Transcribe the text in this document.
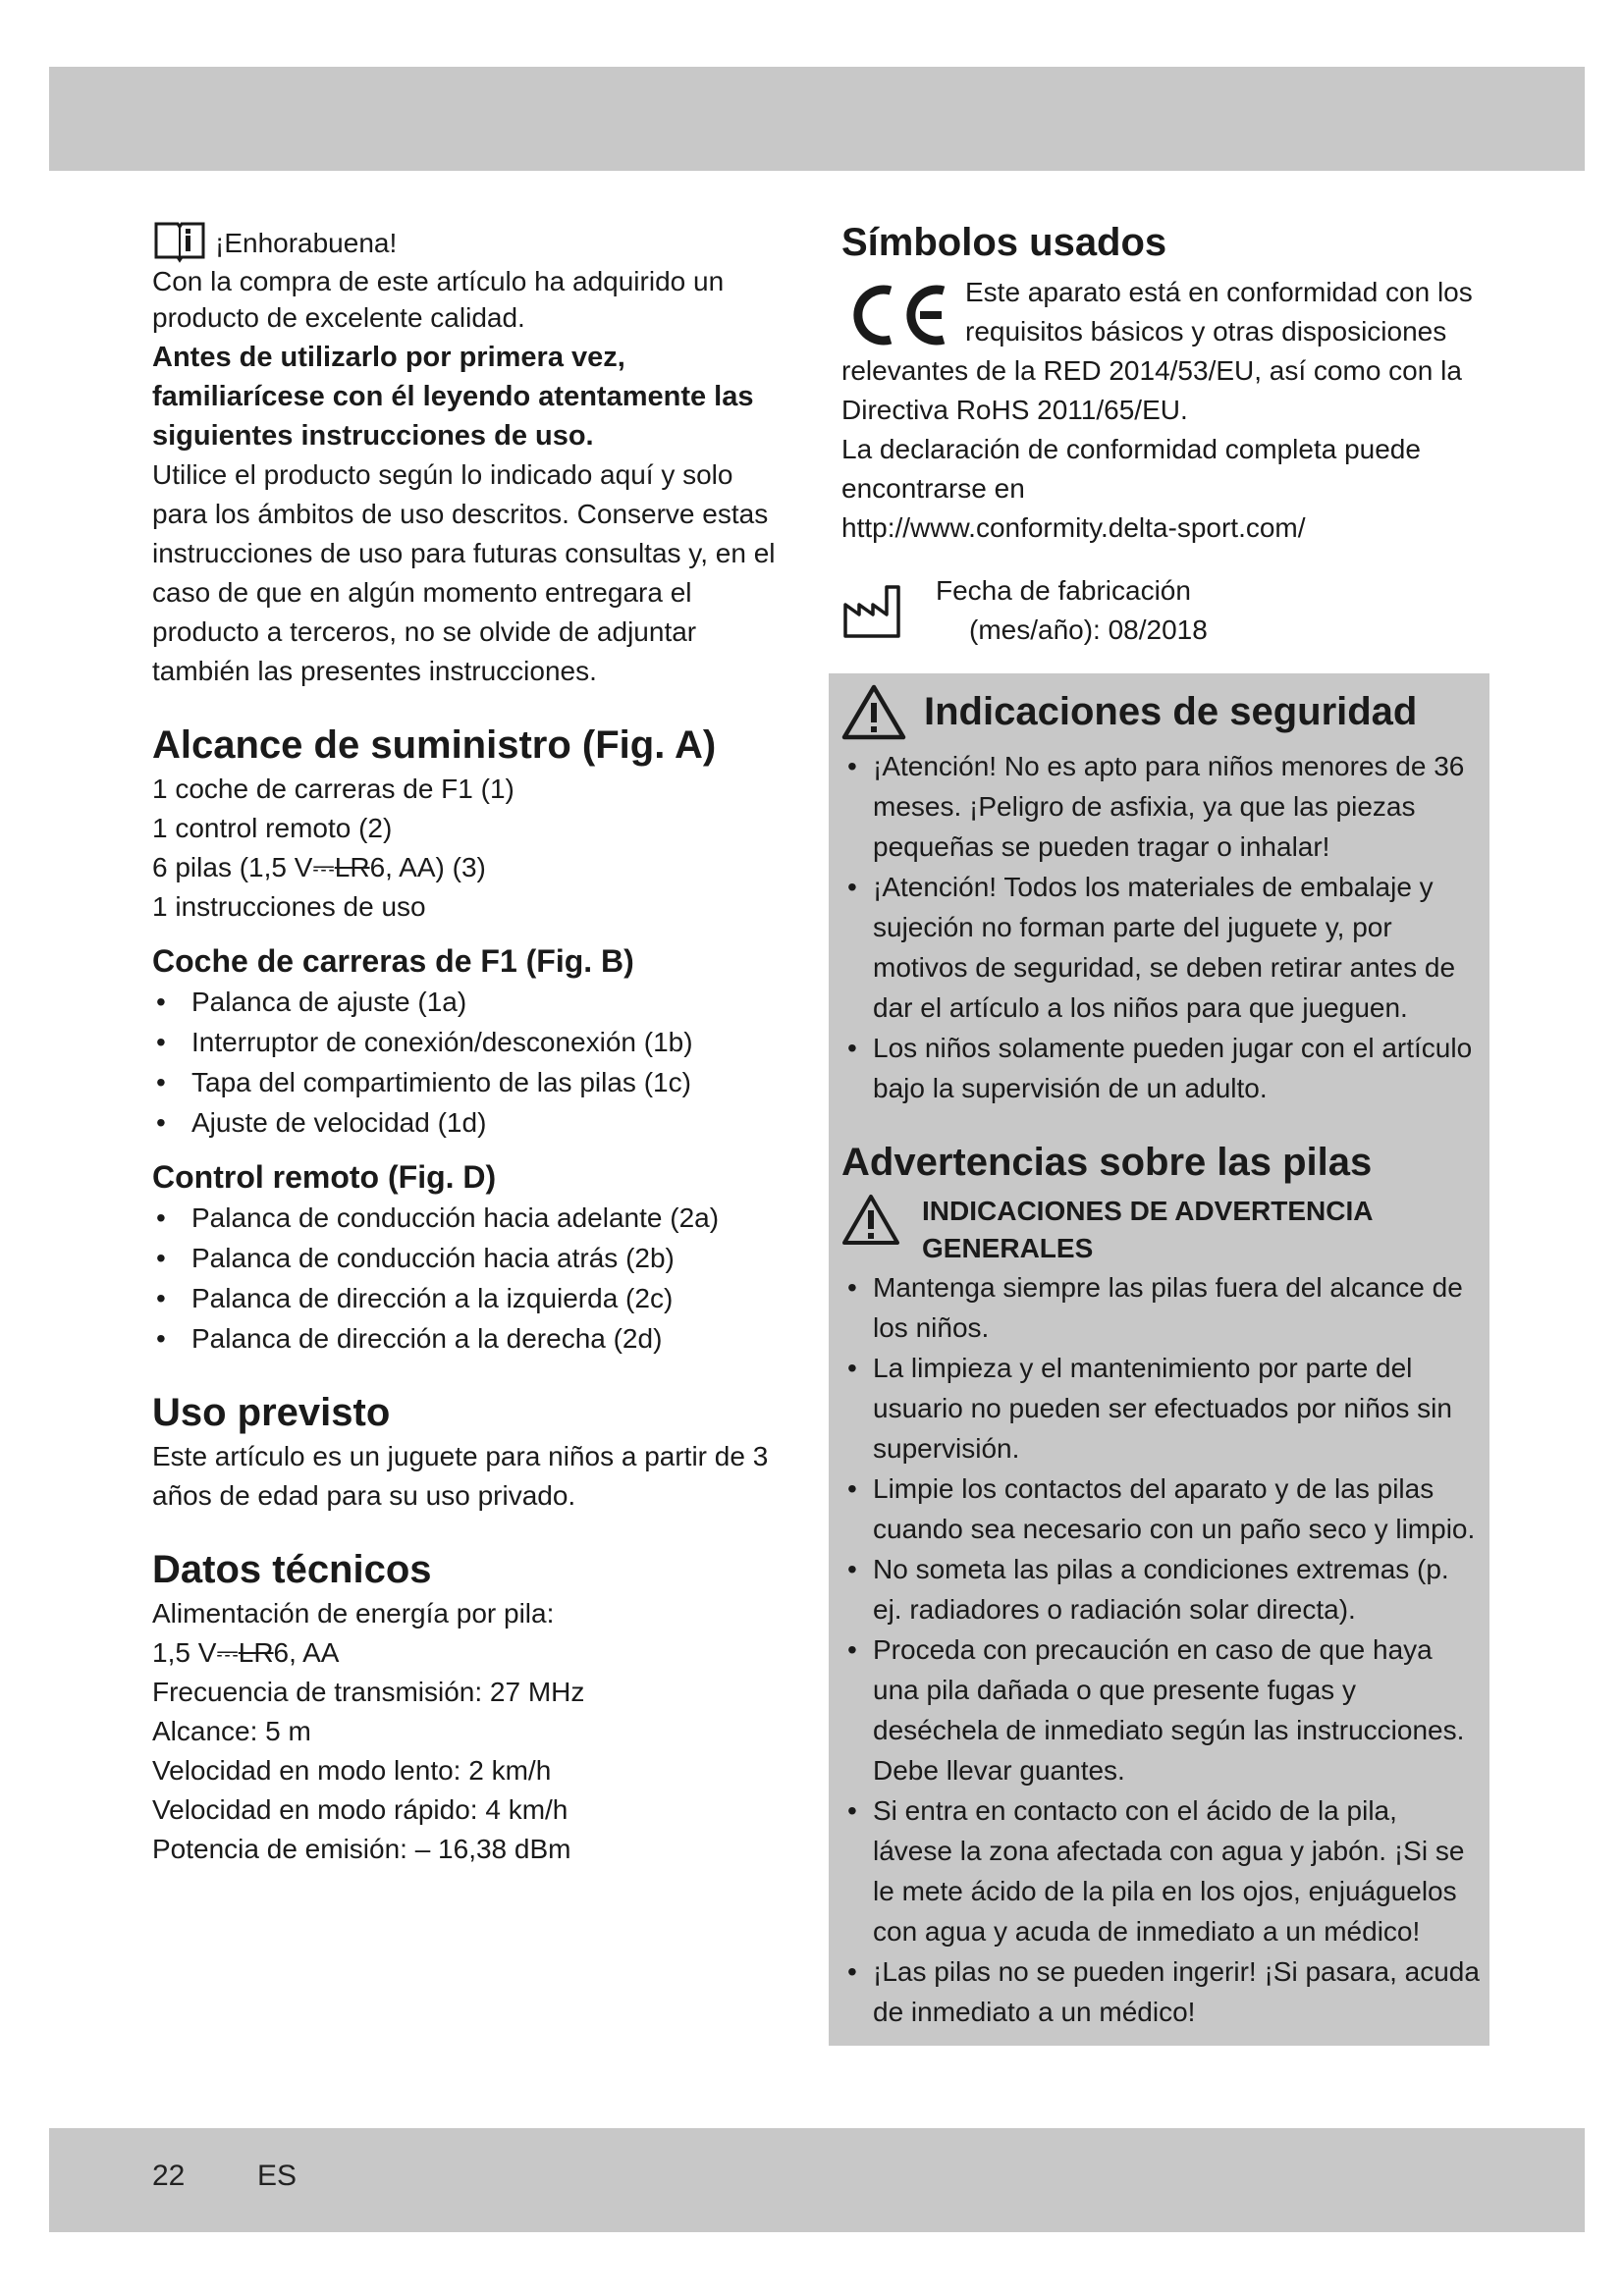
¡Enhorabuena!

Con la compra de este artículo ha adquirido un producto de excelente calidad.

Antes de utilizarlo por primera vez, familiarícese con él leyendo atentamente las siguientes instrucciones de uso.

Utilice el producto según lo indicado aquí y solo para los ámbitos de uso descritos. Conserve estas instrucciones de uso para futuras consultas y, en el caso de que en algún momento entregara el producto a terceros, no se olvide de adjuntar también las presentes instrucciones.

Alcance de suministro (Fig. A)

1 coche de carreras de F1 (1)

1 control remoto (2)

6 pilas (1,5 V⎓LR6, AA) (3)

1 instrucciones de uso

Coche de carreras de F1 (Fig. B)
• Palanca de ajuste (1a)
• Interruptor de conexión/desconexión (1b)
• Tapa del compartimiento de las pilas (1c)
• Ajuste de velocidad (1d)
Control remoto (Fig. D)
• Palanca de conducción hacia adelante (2a)
• Palanca de conducción hacia atrás (2b)
• Palanca de dirección a la izquierda (2c)
• Palanca de dirección a la derecha (2d)
Uso previsto

Este artículo es un juguete para niños a partir de 3 años de edad para su uso privado.

Datos técnicos

Alimentación de energía por pila:

1,5 V⎓LR6, AA

Frecuencia de transmisión: 27 MHz

Alcance: 5 m

Velocidad en modo lento: 2 km/h

Velocidad en modo rápido: 4 km/h

Potencia de emisión: – 16,38 dBm

Símbolos usados

Este aparato está en conformidad con los requisitos básicos y otras disposiciones relevantes de la RED 2014/53/EU, así como con la Directiva RoHS 2011/65/EU.

La declaración de conformidad completa puede encontrarse en

http://www.conformity.delta-sport.com/

Fecha de fabricación

(mes/año): 08/2018

Indicaciones de seguridad
• ¡Atención! No es apto para niños menores de 36 meses. ¡Peligro de asfixia, ya que las piezas pequeñas se pueden tragar o inhalar!
• ¡Atención! Todos los materiales de embalaje y sujeción no forman parte del juguete y, por motivos de seguridad, se deben retirar antes de dar el artículo a los niños para que jueguen.
• Los niños solamente pueden jugar con el artículo bajo la supervisión de un adulto.
Advertencias sobre las pilas

INDICACIONES DE ADVERTENCIA GENERALES

• Mantenga siempre las pilas fuera del alcance de los niños.
• La limpieza y el mantenimiento por parte del usuario no pueden ser efectuados por niños sin supervisión.
• Limpie los contactos del aparato y de las pilas cuando sea necesario con un paño seco y limpio.
• No someta las pilas a condiciones extremas (p. ej. radiadores o radiación solar directa).
• Proceda con precaución en caso de que haya una pila dañada o que presente fugas y deséchela de inmediato según las instrucciones. Debe llevar guantes.
• Si entra en contacto con el ácido de la pila, lávese la zona afectada con agua y jabón. ¡Si se le mete ácido de la pila en los ojos, enjuáguelos con agua y acuda de inmediato a un médico!
• ¡Las pilas no se pueden ingerir! ¡Si pasara, acuda de inmediato a un médico!
22 ES
